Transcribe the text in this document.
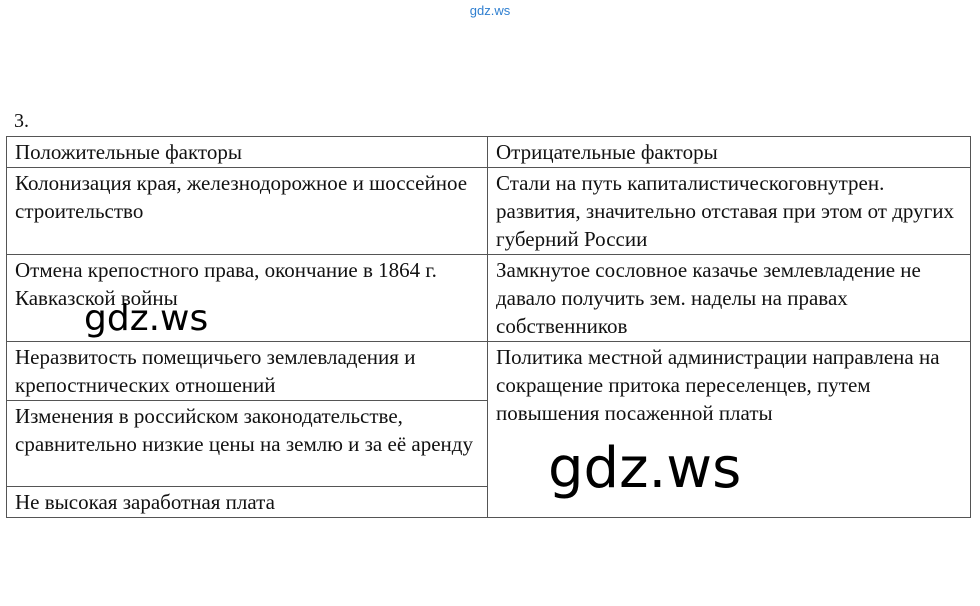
gdz.ws
3.
Положительные факторы	Отрицательные факторы
Колонизация края, железнодорожное и шоссейное строительство	Стали на путь капиталистическоговнутрен. развития, значительно отставая при этом от других губерний России
Отмена крепостного права, окончание в 1864 г. Кавказской войны	Замкнутое сословное казачье землевладение не давало получить зем. наделы на правах собственников
Неразвитость помещичьего землевладения и крепостнических отношений	Политика местной администрации направлена на сокращение притока переселенцев, путем повышения посаженной платы
Изменения в российском законодательстве, сравнительно низкие цены на землю и за её аренду	
Не высокая заработная плата	
gdz.ws
gdz.ws
